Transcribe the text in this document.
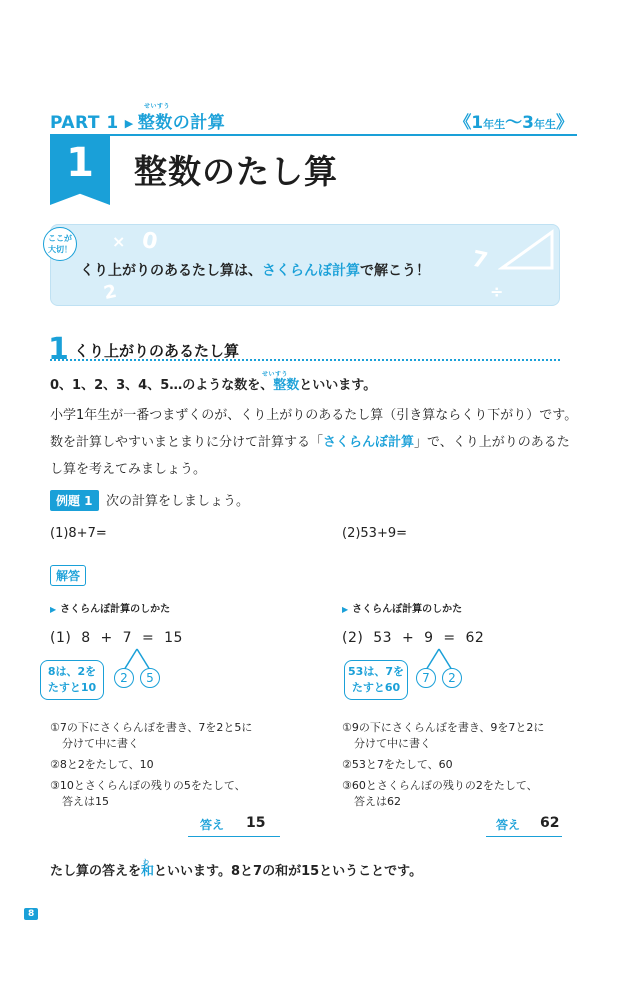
せいすう
PART 1 ▶ 整数の計算	《1年生～3年生》
1	整数のたし算
× 0
2
7
÷
ここが
大切！
くり上がりのあるたし算は、さくらんぼ計算で解こう！
1 くり上がりのあるたし算
せいすう
0、1、2、3、4、5…のような数を、整数といいます。
小学1年生が一番つまずくのが、くり上がりのあるたし算（引き算ならくり下がり）です。
数を計算しやすいまとまりに分けて計算する「さくらんぼ計算」で、くり上がりのあるた
し算を考えてみましょう。
例題 1	次の計算をしましょう。
(1)8+7=	(2)53+9=
解答
▶ さくらんぼ計算のしかた
(1)  8  +  7  =  15
8は、2を
たすと10
2	5
①7の下にさくらんぼを書き、7を2と5に
分けて中に書く
②8と2をたして、10
③10とさくらんぼの残りの5をたして、
答えは15
答え 15
▶ さくらんぼ計算のしかた
(2)  53  +  9  =  62
53は、7を
たすと60
7	2
①9の下にさくらんぼを書き、9を7と2に
分けて中に書く
②53と7をたして、60
③60とさくらんぼの残りの2をたして、
答えは62
答え 62
わ
たし算の答えを和といいます。8と7の和が15ということです。
8
